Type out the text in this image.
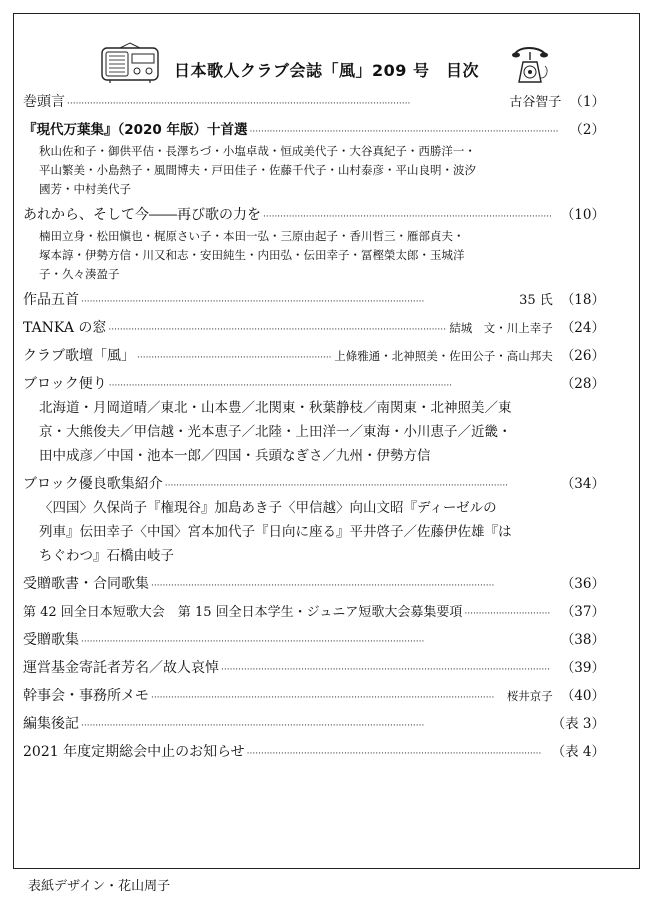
日本歌人クラブ会誌「風」209 号　目次
巻頭言 ·····	古谷智子 （1）
『現代万葉集』（2020 年版）十首選 ·····	（2）
秋山佐和子・御供平佶・長澤ちづ・小塩卓哉・恒成美代子・大谷真紀子・西勝洋一・
平山繁美・小島熱子・風間博夫・戸田佳子・佐藤千代子・山村泰彦・平山良明・波汐
國芳・中村美代子
あれから、そして今――再び歌の力を ·····	（10）
楠田立身・松田愼也・梶原さい子・本田一弘・三原由起子・香川哲三・雁部貞夫・
塚本諄・伊勢方信・川又和志・安田純生・内田弘・伝田幸子・冨樫榮太郎・玉城洋
子・久々湊盈子
作品五首 ·····	35 氏 （18）
TANKA の窓 ·····	結城　文・川上幸子 （24）
クラブ歌壇「風」 ·····	上條雅通・北神照美・佐田公子・高山邦夫 （26）
ブロック便り ·····	（28）
北海道・月岡道晴／東北・山本豊／北関東・秋葉静枝／南関東・北神照美／東
京・大熊俊夫／甲信越・光本恵子／北陸・上田洋一／東海・小川恵子／近畿・
田中成彦／中国・池本一郎／四国・兵頭なぎさ／九州・伊勢方信
ブロック優良歌集紹介 ·····	（34）
〈四国〉久保尚子『権現谷』加島あき子〈甲信越〉向山文昭『ディーゼルの
列車』伝田幸子〈中国〉宮本加代子『日向に座る』平井啓子／佐藤伊佐雄『は
ちぐわつ』石橋由岐子
受贈歌書・合同歌集 ·····	（36）
第 42 回全日本短歌大会　第 15 回全日本学生・ジュニア短歌大会募集要項 ·····	（37）
受贈歌集 ·····	（38）
運営基金寄託者芳名／故人哀悼 ·····	（39）
幹事会・事務所メモ ·····	桜井京子 （40）
編集後記 ·····	（表 3）
2021 年度定期総会中止のお知らせ ·····	（表 4）
表紙デザイン・花山周子
